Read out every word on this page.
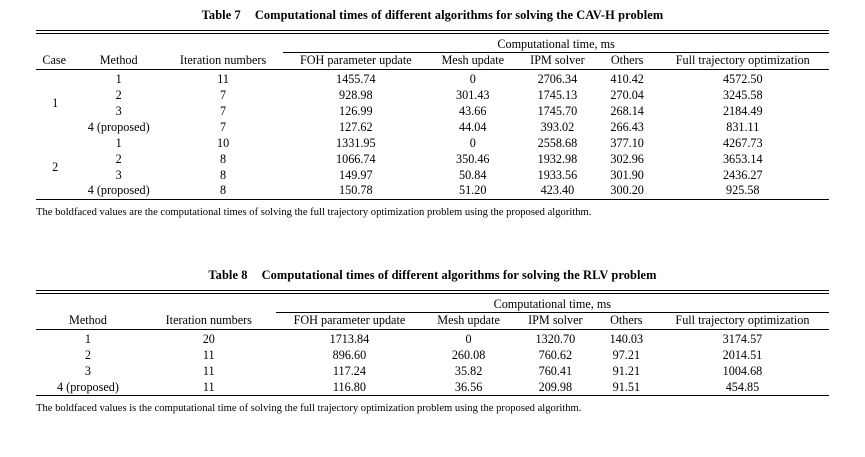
Table 7 Computational times of different algorithms for solving the CAV-H problem

			Computational time, ms				
Case	Method	Iteration numbers	FOH parameter update	Mesh update	IPM solver	Others	Full trajectory optimization

1	1	11	1455.74	0	2706.34	410.42	4572.50
	2	7	928.98	301.43	1745.13	270.04	3245.58
	3	7	126.99	43.66	1745.70	268.14	2184.49
	4 (proposed)	7	127.62	44.04	393.02	266.43	831.11
2	1	10	1331.95	0	2558.68	377.10	4267.73
	2	8	1066.74	350.46	1932.98	302.96	3653.14
	3	8	149.97	50.84	1933.56	301.90	2436.27
	4 (proposed)	8	150.78	51.20	423.40	300.20	925.58

The boldfaced values are the computational times of solving the full trajectory optimization problem using the proposed algorithm.
Table 8 Computational times of different algorithms for solving the RLV problem

		Computational time, ms				
Method	Iteration numbers	FOH parameter update	Mesh update	IPM solver	Others	Full trajectory optimization

1	20	1713.84	0	1320.70	140.03	3174.57
2	11	896.60	260.08	760.62	97.21	2014.51
3	11	117.24	35.82	760.41	91.21	1004.68
4 (proposed)	11	116.80	36.56	209.98	91.51	454.85

The boldfaced values is the computational time of solving the full trajectory optimization problem using the proposed algorithm.
